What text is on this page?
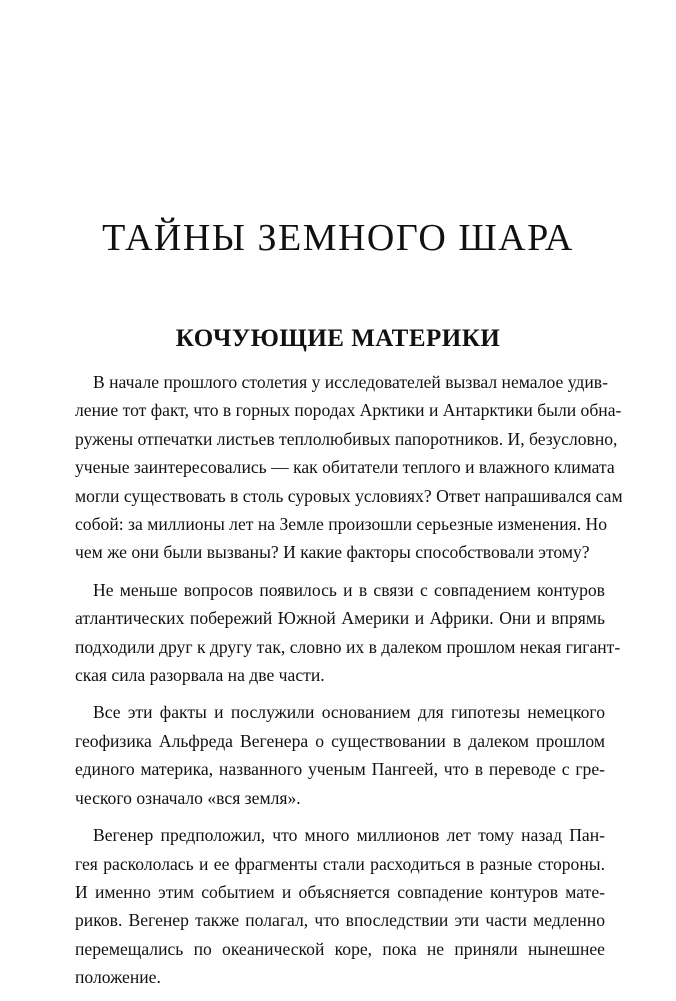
ТАЙНЫ ЗЕМНОГО ШАРА
КОЧУЮЩИЕ МАТЕРИКИ

В начале прошлого столетия у исследователей вызвал немалое удив-
ление тот факт, что в горных породах Арктики и Антарктики были обна-
ружены отпечатки листьев теплолюбивых папоротников. И, безусловно,
ученые заинтересовались — как обитатели теплого и влажного климата
могли существовать в столь суровых условиях? Ответ напрашивался сам
собой: за миллионы лет на Земле произошли серьезные изменения. Но
чем же они были вызваны? И какие факторы способствовали этому?

Не меньше вопросов появилось и в связи с совпадением контуров
атлантических побережий Южной Америки и Африки. Они и впрямь
подходили друг к другу так, словно их в далеком прошлом некая гигант-
ская сила разорвала на две части.

Все эти факты и послужили основанием для гипотезы немецкого
геофизика Альфреда Вегенера о существовании в далеком прошлом
единого материка, названного ученым Пангеей, что в переводе с гре-
ческого означало «вся земля».

Вегенер предположил, что много миллионов лет тому назад Пан-
гея раскололась и ее фрагменты стали расходиться в разные стороны.
И именно этим событием и объясняется совпадение контуров мате-
риков. Вегенер также полагал, что впоследствии эти части медленно
перемещались по океанической коре, пока не приняли нынешнее
положение.
